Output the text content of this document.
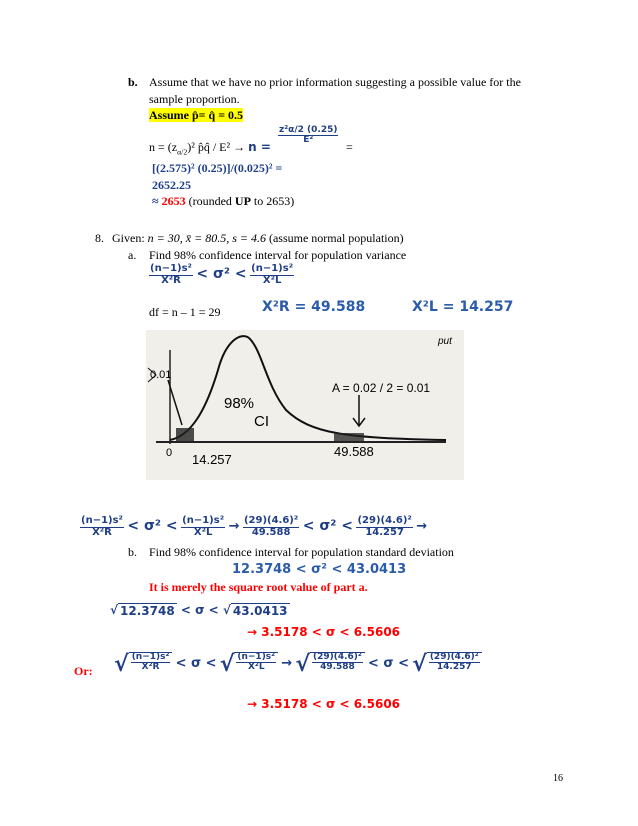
b. Assume that we have no prior information suggesting a possible value for the
sample proportion.
Assume p̂= q̂ = 0.5
$n = (z_{\alpha/2})^2$ p̂q̂ / E² → n =
$\frac{\text{z²α/2 (0.25)}}{\text{E²}}$
=
[(2.575)² (0.25)]/(0.025)² =
2652.25
≈ 2653 (rounded UP to 2653)
8. Given: n = 30, x̄ = 80.5, s = 4.6 (assume normal population)
a. Find 98% confidence interval for population variance
$\frac{\text{(n−1)s²}}{\text{X²R}} < \sigma^2 < \frac{\text{(n−1)s²}}{\text{X²L}}$
df = n – 1 = 29	X²R = 49.588	X²L = 14.257
0.01
98%
CI
A = 0.02 / 2 = 0.01
14.257
49.588
0
put
$\frac{\text{(n−1)s²}}{\text{X²R}} < \sigma^2 < \frac{\text{(n−1)s²}}{\text{X²L}} \to \frac{\text{(29)(4.6)²}}{49.588} < \sigma^2 < \frac{\text{(29)(4.6)²}}{14.257}$ →
b. Find 98% confidence interval for population standard deviation
12.3748 < σ² < 43.0413
It is merely the square root value of part a.
√ 12.3748 < σ < √ 43.0413
→ 3.5178 < σ < 6.5606
Or: √ $\frac{\text{(n−1)s²}}{\text{X²R}} < \sigma$ < √ $\frac{\text{(n−1)s²}}{\text{X²L}}$ → √ $\frac{\text{(29)(4.6)²}}{49.588} < \sigma$ < √ $\frac{\text{(29)(4.6)²}}{14.257}$
→ 3.5178 < σ < 6.5606
16
